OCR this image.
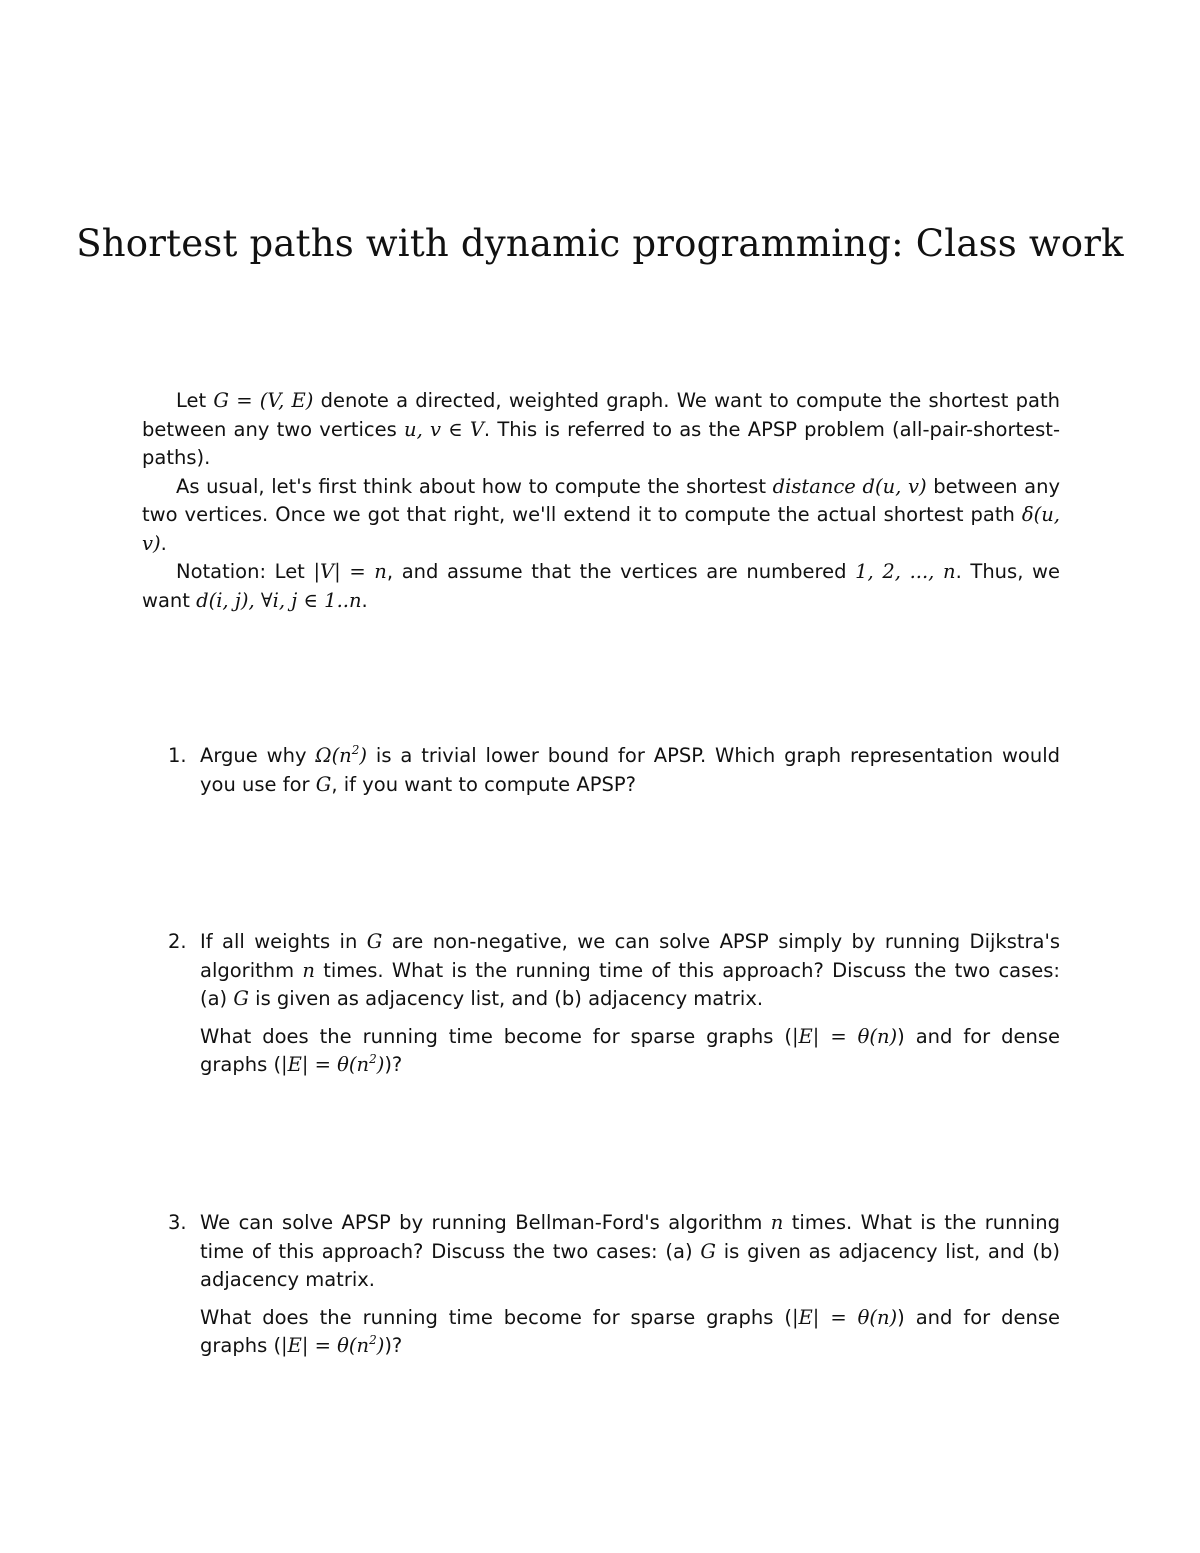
Shortest paths with dynamic programming: Class work

Let G = (V, E) denote a directed, weighted graph. We want to compute the shortest path between any two vertices u, v ∈ V. This is referred to as the APSP problem (all-pair-shortest-paths).

As usual, let's first think about how to compute the shortest distance d(u, v) between any two vertices. Once we got that right, we'll extend it to compute the actual shortest path δ(u, v).

Notation: Let |V| = n, and assume that the vertices are numbered 1, 2, ..., n. Thus, we want d(i, j), ∀i, j ∈ 1..n.

1. Argue why $\Omega(n^2)$ is a trivial lower bound for APSP. Which graph representation would you use for G, if you want to compute APSP?

2. If all weights in G are non-negative, we can solve APSP simply by running Dijkstra's algorithm n times. What is the running time of this approach? Discuss the two cases: (a) G is given as adjacency list, and (b) adjacency matrix.

What does the running time become for sparse graphs (|E| = θ(n)) and for dense graphs $(|E| = \theta(n^2))$?

3. We can solve APSP by running Bellman-Ford's algorithm n times. What is the running time of this approach? Discuss the two cases: (a) G is given as adjacency list, and (b) adjacency matrix.

What does the running time become for sparse graphs (|E| = θ(n)) and for dense graphs $(|E| = \theta(n^2))$?
